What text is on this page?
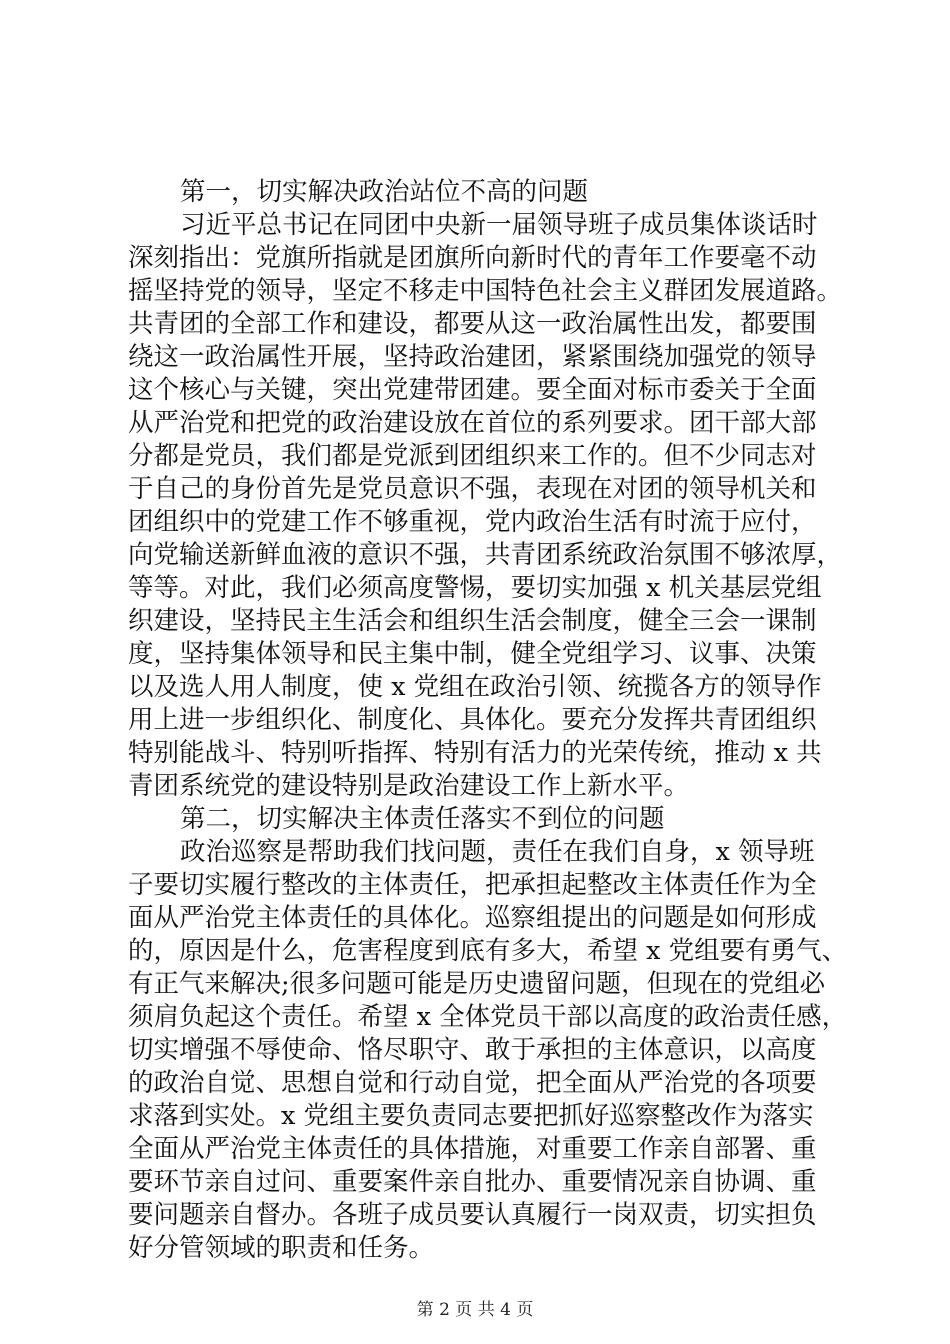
第一，切实解决政治站位不高的问题
习近平总书记在同团中央新一届领导班子成员集体谈话时
深刻指出：党旗所指就是团旗所向新时代的青年工作要毫不动
摇坚持党的领导，坚定不移走中国特色社会主义群团发展道路。
共青团的全部工作和建设，都要从这一政治属性出发，都要围
绕这一政治属性开展，坚持政治建团，紧紧围绕加强党的领导
这个核心与关键，突出党建带团建。要全面对标市委关于全面
从严治党和把党的政治建设放在首位的系列要求。团干部大部
分都是党员，我们都是党派到团组织来工作的。但不少同志对
于自己的身份首先是党员意识不强，表现在对团的领导机关和
团组织中的党建工作不够重视，党内政治生活有时流于应付，
向党输送新鲜血液的意识不强，共青团系统政治氛围不够浓厚，
等等。对此，我们必须高度警惕，要切实加强 x 机关基层党组
织建设，坚持民主生活会和组织生活会制度，健全三会一课制
度，坚持集体领导和民主集中制，健全党组学习、议事、决策
以及选人用人制度，使 x 党组在政治引领、统揽各方的领导作
用上进一步组织化、制度化、具体化。要充分发挥共青团组织
特别能战斗、特别听指挥、特别有活力的光荣传统，推动 x 共
青团系统党的建设特别是政治建设工作上新水平。
第二，切实解决主体责任落实不到位的问题
政治巡察是帮助我们找问题，责任在我们自身，x 领导班
子要切实履行整改的主体责任，把承担起整改主体责任作为全
面从严治党主体责任的具体化。巡察组提出的问题是如何形成
的，原因是什么，危害程度到底有多大，希望 x 党组要有勇气、
有正气来解决;很多问题可能是历史遗留问题，但现在的党组必
须肩负起这个责任。希望 x 全体党员干部以高度的政治责任感，
切实增强不辱使命、恪尽职守、敢于承担的主体意识，以高度
的政治自觉、思想自觉和行动自觉，把全面从严治党的各项要
求落到实处。x 党组主要负责同志要把抓好巡察整改作为落实
全面从严治党主体责任的具体措施，对重要工作亲自部署、重
要环节亲自过问、重要案件亲自批办、重要情况亲自协调、重
要问题亲自督办。各班子成员要认真履行一岗双责，切实担负
好分管领域的职责和任务。
第 2 页 共 4 页
